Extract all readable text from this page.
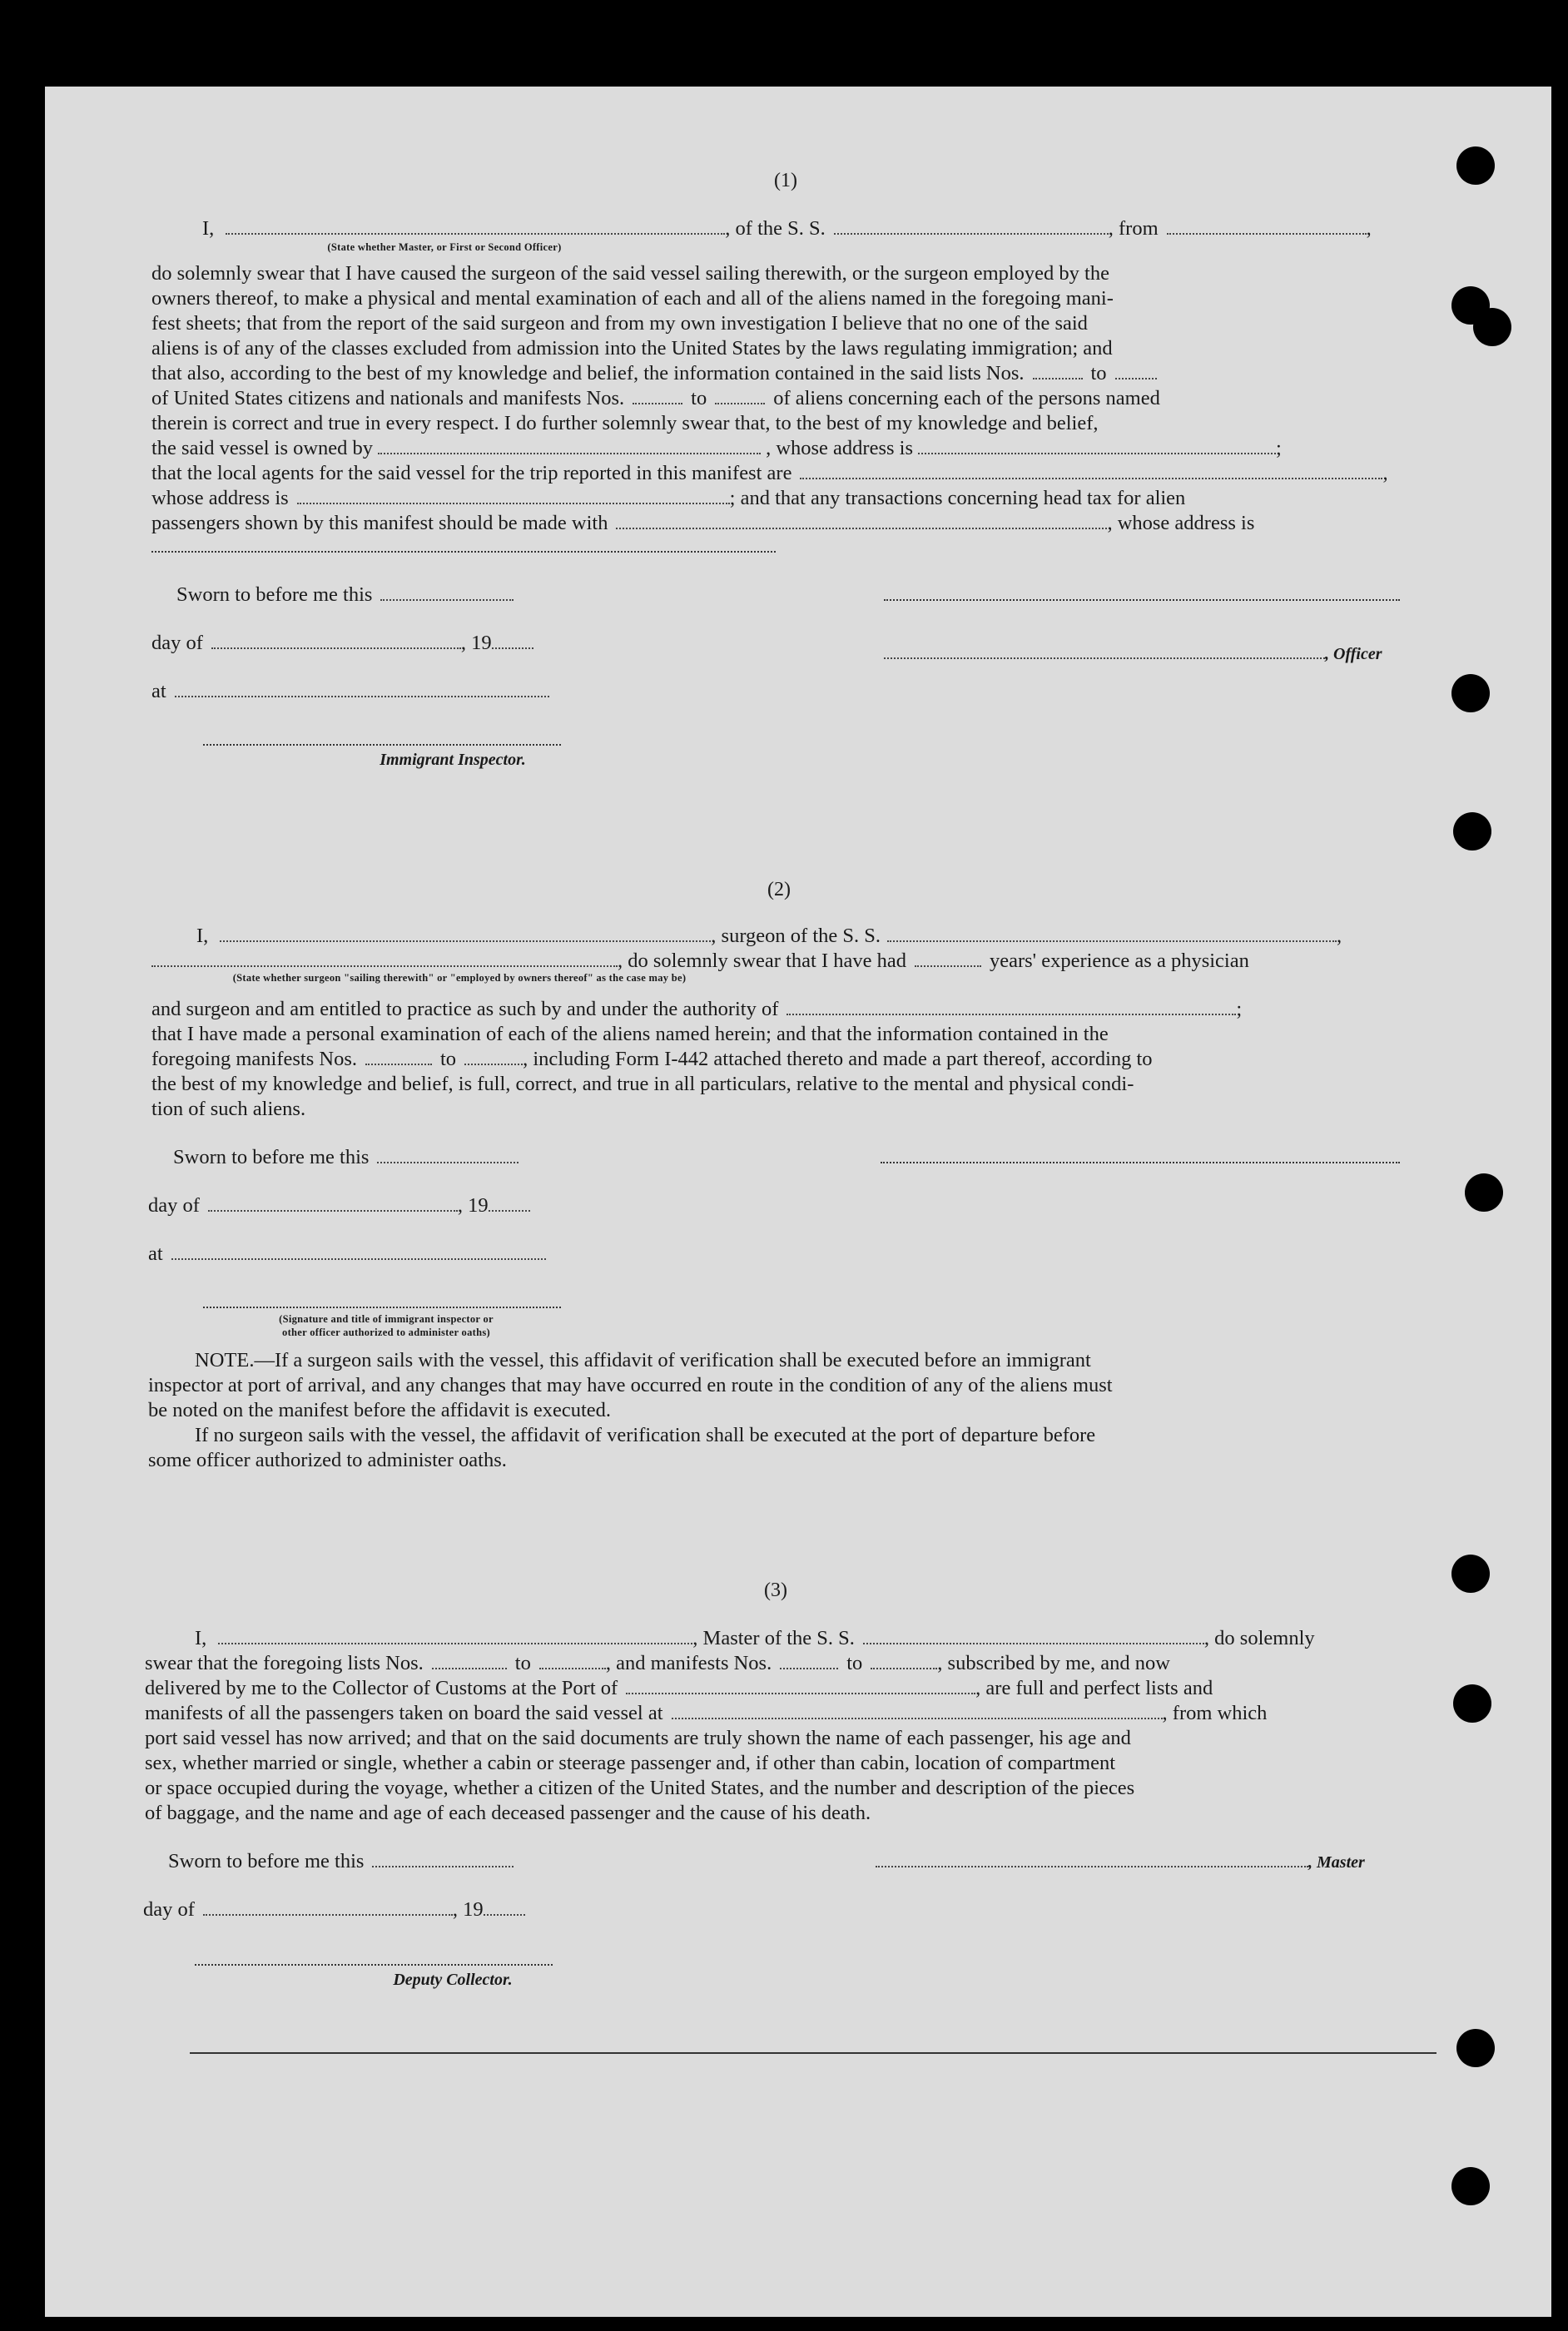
(1)
I,	, of the S. S.	, from	,
(State whether Master, or First or Second Officer)
do solemnly swear that I have caused the surgeon of the said vessel sailing therewith, or the surgeon employed by the
owners thereof, to make a physical and mental examination of each and all of the aliens named in the foregoing mani-
fest sheets; that from the report of the said surgeon and from my own investigation I believe that no one of the said
aliens is of any of the classes excluded from admission into the United States by the laws regulating immigration; and
that also, according to the best of my knowledge and belief, the information contained in the said lists Nos.	to
of United States citizens and nationals and manifests Nos.	to	of aliens concerning each of the persons named
therein is correct and true in every respect. I do further solemnly swear that, to the best of my knowledge and belief,
the said vessel is owned by	, whose address is	;
that the local agents for the said vessel for the trip reported in this manifest are	,
whose address is	; and that any transactions concerning head tax for alien
passengers shown by this manifest should be made with	, whose address is
Sworn to before me this
day of	, 19	, Officer
at
Immigrant Inspector.
(2)
I,	, surgeon of the S. S.	,
, do solemnly swear that I have had	years' experience as a physician
(State whether surgeon "sailing therewith" or "employed by owners thereof" as the case may be)
and surgeon and am entitled to practice as such by and under the authority of	;
that I have made a personal examination of each of the aliens named herein; and that the information contained in the
foregoing manifests Nos.	to	, including Form I-442 attached thereto and made a part thereof, according to
the best of my knowledge and belief, is full, correct, and true in all particulars, relative to the mental and physical condi-
tion of such aliens.
Sworn to before me this
day of	, 19
at
(Signature and title of immigrant inspector or
other officer authorized to administer oaths)
NOTE.—If a surgeon sails with the vessel, this affidavit of verification shall be executed before an immigrant
inspector at port of arrival, and any changes that may have occurred en route in the condition of any of the aliens must
be noted on the manifest before the affidavit is executed.
If no surgeon sails with the vessel, the affidavit of verification shall be executed at the port of departure before
some officer authorized to administer oaths.
(3)
I,	, Master of the S. S.	, do solemnly
swear that the foregoing lists Nos.	to	, and manifests Nos.	to	, subscribed by me, and now
delivered by me to the Collector of Customs at the Port of	, are full and perfect lists and
manifests of all the passengers taken on board the said vessel at	, from which
port said vessel has now arrived; and that on the said documents are truly shown the name of each passenger, his age and
sex, whether married or single, whether a cabin or steerage passenger and, if other than cabin, location of compartment
or space occupied during the voyage, whether a citizen of the United States, and the number and description of the pieces
of baggage, and the name and age of each deceased passenger and the cause of his death.
Sworn to before me this	, Master
day of	, 19
Deputy Collector.
